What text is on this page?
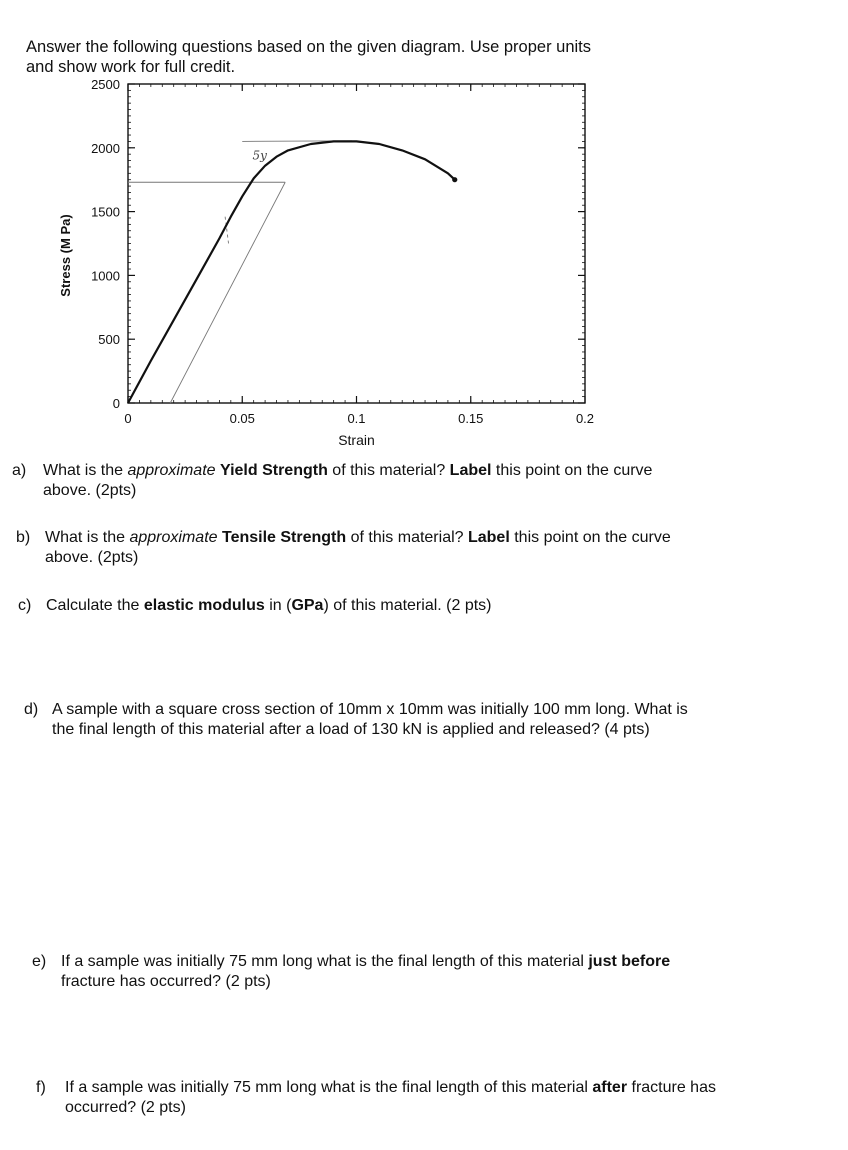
Answer the following questions based on the given diagram. Use proper units
and show work for full credit.
0	0.05	0.1	0.15	0.2
0
500
1000
1500
2000
2500
Strain
Stress (M Pa)
5y
a) What is the approximate Yield Strength of this material? Label this point on the curve above. (2pts)
b) What is the approximate Tensile Strength of this material? Label this point on the curve above. (2pts)
c) Calculate the elastic modulus in (GPa) of this material. (2 pts)
d) A sample with a square cross section of 10mm x 10mm was initially 100 mm long. What is the final length of this material after a load of 130 kN is applied and released? (4 pts)
e) If a sample was initially 75 mm long what is the final length of this material just before fracture has occurred? (2 pts)
f) If a sample was initially 75 mm long what is the final length of this material after fracture has occurred? (2 pts)
